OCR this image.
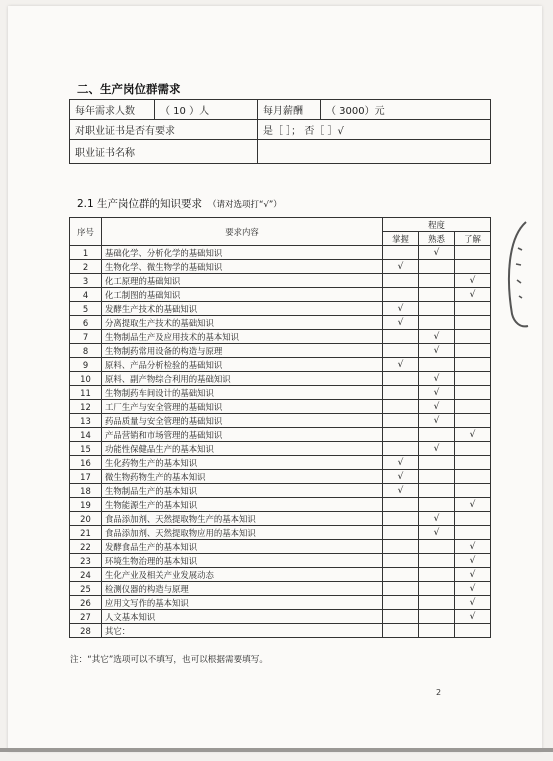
二、生产岗位群需求
每年需求人数	（ 10 ）人	每月薪酬	（ 3000）元
对职业证书是否有要求		是［ ］； 否［ ］√	
职业证书名称			
2.1 生产岗位群的知识要求 （请对选项打“√”）
序号	要求内容	程度		
		掌握	熟悉	了解
1	基础化学、分析化学的基础知识		√	
2	生物化学、微生物学的基础知识	√		
3	化工原理的基础知识			√
4	化工制图的基础知识			√
5	发酵生产技术的基础知识	√		
6	分离提取生产技术的基础知识	√		
7	生物制品生产及应用技术的基本知识		√	
8	生物制药常用设备的构造与原理		√	
9	原料、产品分析检验的基础知识	√		
10	原料、副产物综合利用的基础知识		√	
11	生物制药车间设计的基础知识		√	
12	工厂生产与安全管理的基础知识		√	
13	药品质量与安全管理的基础知识		√	
14	产品营销和市场管理的基础知识			√
15	功能性保健品生产的基本知识		√	
16	生化药物生产的基本知识	√		
17	微生物药物生产的基本知识	√		
18	生物制品生产的基本知识	√		
19	生物能源生产的基本知识			√
20	食品添加剂、天然提取物生产的基本知识		√	
21	食品添加剂、天然提取物应用的基本知识		√	
22	发酵食品生产的基本知识			√
23	环境生物治理的基本知识			√
24	生化产业及相关产业发展动态			√
25	检测仪器的构造与原理			√
26	应用文写作的基本知识			√
27	人文基本知识			√
28	其它：			
注：“其它”选项可以不填写，也可以根据需要填写。
2
